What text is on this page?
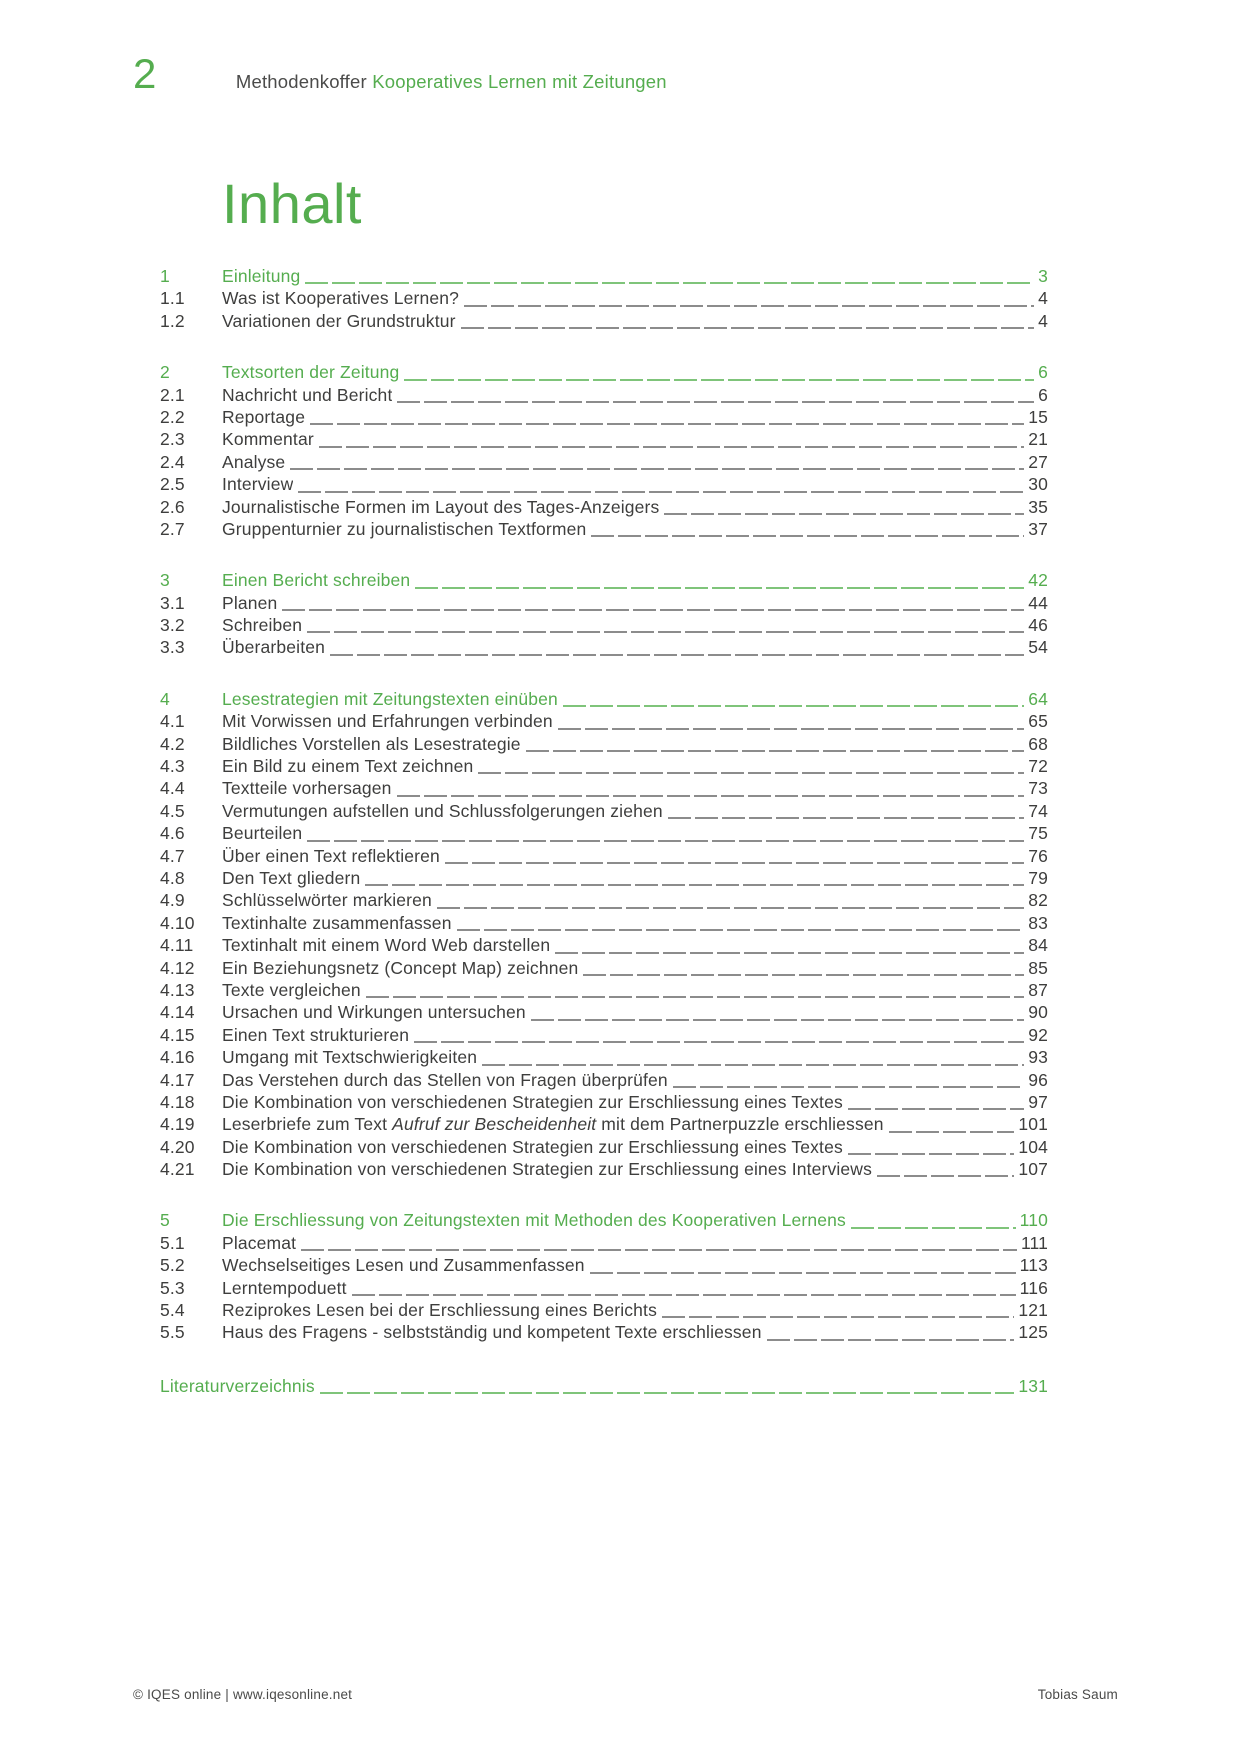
2	Methodenkoffer Kooperatives Lernen mit Zeitungen
Inhalt
1	Einleitung	3
1.1	Was ist Kooperatives Lernen?	4
1.2	Variationen der Grundstruktur	4
2	Textsorten der Zeitung	6
2.1	Nachricht und Bericht	6
2.2	Reportage	15
2.3	Kommentar	21
2.4	Analyse	27
2.5	Interview	30
2.6	Journalistische Formen im Layout des Tages-Anzeigers	35
2.7	Gruppenturnier zu journalistischen Textformen	37
3	Einen Bericht schreiben	42
3.1	Planen	44
3.2	Schreiben	46
3.3	Überarbeiten	54
4	Lesestrategien mit Zeitungstexten einüben	64
4.1	Mit Vorwissen und Erfahrungen verbinden	65
4.2	Bildliches Vorstellen als Lesestrategie	68
4.3	Ein Bild zu einem Text zeichnen	72
4.4	Textteile vorhersagen	73
4.5	Vermutungen aufstellen und Schlussfolgerungen ziehen	74
4.6	Beurteilen	75
4.7	Über einen Text reflektieren	76
4.8	Den Text gliedern	79
4.9	Schlüsselwörter markieren	82
4.10	Textinhalte zusammenfassen	83
4.11	Textinhalt mit einem Word Web darstellen	84
4.12	Ein Beziehungsnetz (Concept Map) zeichnen	85
4.13	Texte vergleichen	87
4.14	Ursachen und Wirkungen untersuchen	90
4.15	Einen Text strukturieren	92
4.16	Umgang mit Textschwierigkeiten	93
4.17	Das Verstehen durch das Stellen von Fragen überprüfen	96
4.18	Die Kombination von verschiedenen Strategien zur Erschliessung eines Textes	97
4.19	Leserbriefe zum Text Aufruf zur Bescheidenheit mit dem Partnerpuzzle erschliessen	101
4.20	Die Kombination von verschiedenen Strategien zur Erschliessung eines Textes	104
4.21	Die Kombination von verschiedenen Strategien zur Erschliessung eines Interviews	107
5	Die Erschliessung von Zeitungstexten mit Methoden des Kooperativen Lernens	110
5.1	Placemat	111
5.2	Wechselseitiges Lesen und Zusammenfassen	113
5.3	Lerntempoduett	116
5.4	Reziprokes Lesen bei der Erschliessung eines Berichts	121
5.5	Haus des Fragens - selbstständig und kompetent Texte erschliessen	125
Literaturverzeichnis	131
© IQES online | www.iqesonline.net	Tobias Saum
